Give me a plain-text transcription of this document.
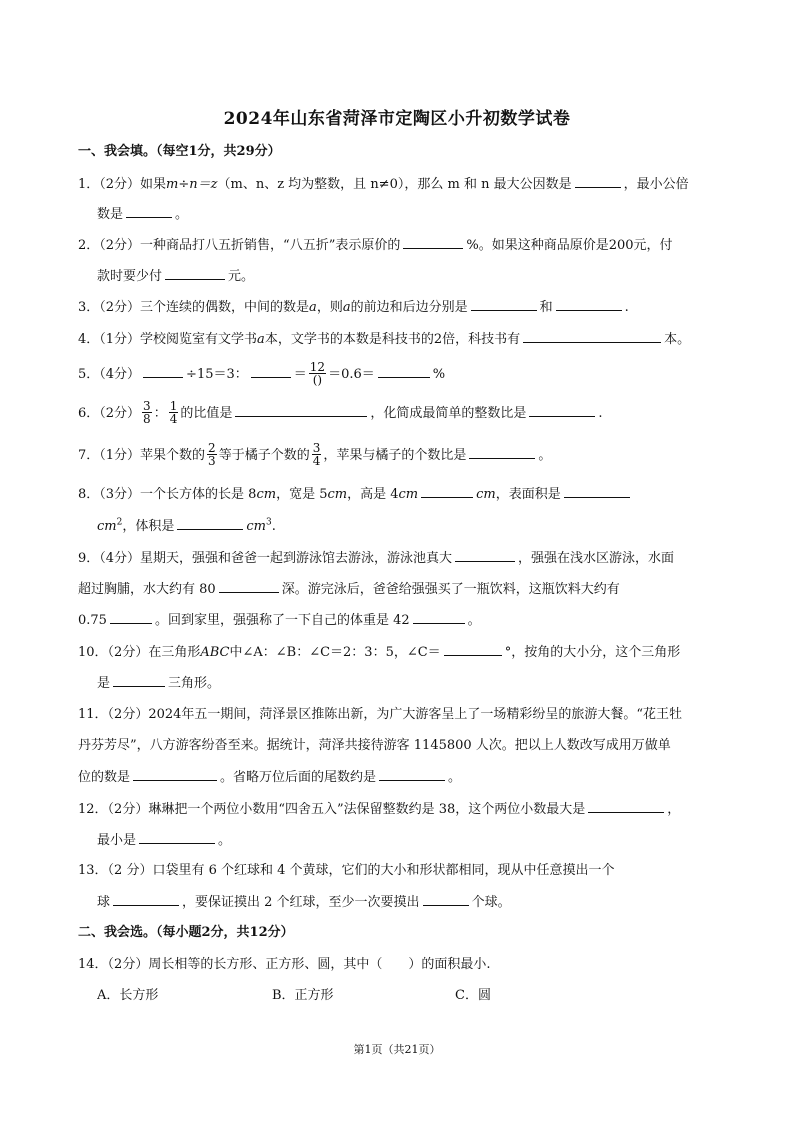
2024年山东省菏泽市定陶区小升初数学试卷
一、我会填。（每空1分，共29分）
1．（2分）如果m÷n＝z（m、n、z 均为整数，且 n≠0），那么 m 和 n 最大公因数是	，最小公倍
数是	。
2．（2分）一种商品打八五折销售，“八五折”表示原价的	%。如果这种商品原价是200元，付
款时要少付	元。
3．（2分）三个连续的偶数，中间的数是a，则a的前边和后边分别是	和	.
4．（1分）学校阅览室有文学书a本，文学书的本数是科技书的2倍，科技书有	本。
5．（4分）	÷15＝3：	＝ $\frac{12}{()} =0.6=$	%
6．（2分） $\frac{3}{8}$ ： $\frac{1}{4}$ 的比值是	，化简成最简单的整数比是	.
7．（1分）苹果个数的 $\frac{2}{3}$ 等于橘子个数的 $\frac{3}{4}$ ，苹果与橘子的个数比是	。
8．（3分）一个长方体的长是 8cm，宽是 5cm，高是 4cm	cm，表面积是
$cm^2$，体积是	$cm^3$.
9．（4分）星期天，强强和爸爸一起到游泳馆去游泳，游泳池真大	，强强在浅水区游泳，水面
超过胸脯，水大约有 80	深。游完泳后，爸爸给强强买了一瓶饮料，这瓶饮料大约有
0.75	。回到家里，强强称了一下自己的体重是 42	。
10．（2分）在三角形ABC中∠A：∠B：∠C＝2：3：5，∠C＝	°，按角的大小分，这个三角形
是	三角形。
11．（2分）2024年五一期间，菏泽景区推陈出新，为广大游客呈上了一场精彩纷呈的旅游大餐。“花王牡
丹芬芳尽”，八方游客纷沓至来。据统计，菏泽共接待游客 1145800 人次。把以上人数改写成用万做单
位的数是	。省略万位后面的尾数约是	。
12．（2分）琳琳把一个两位小数用“四舍五入”法保留整数约是 38，这个两位小数最大是	，
最小是	。
13．（2 分）口袋里有 6 个红球和 4 个黄球，它们的大小和形状都相同，现从中任意摸出一个
球	，要保证摸出 2 个红球，至少一次要摸出	个球。
二、我会选。（每小题2分，共12分）
14．（2分）周长相等的长方形、正方形、圆，其中（　　）的面积最小.
A．长方形	B．正方形	C．圆
第1页（共21页）
